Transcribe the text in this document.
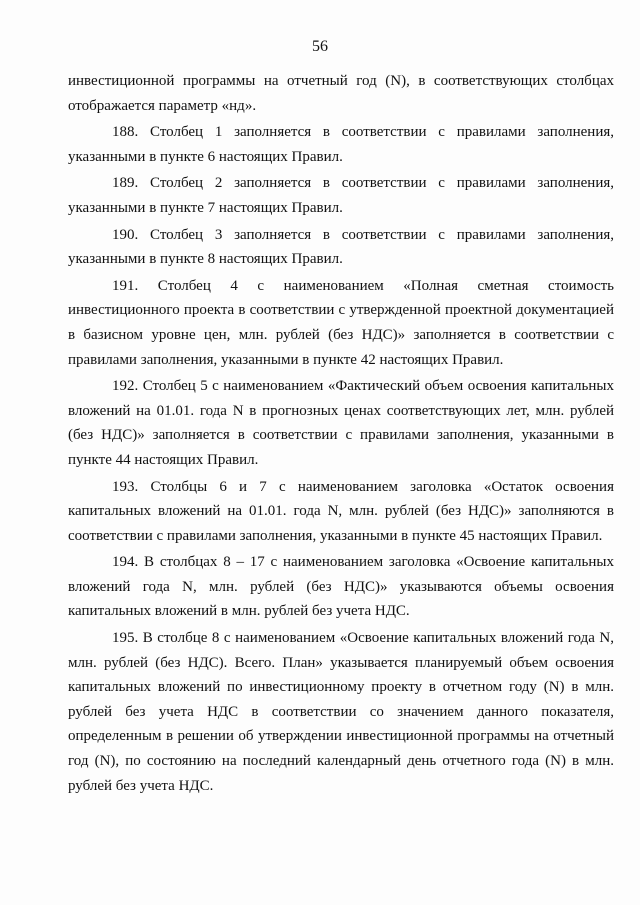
56

инвестиционной программы на отчетный год (N), в соответствующих столбцах отображается параметр «нд».

188. Столбец 1 заполняется в соответствии с правилами заполнения, указанными в пункте 6 настоящих Правил.

189. Столбец 2 заполняется в соответствии с правилами заполнения, указанными в пункте 7 настоящих Правил.

190. Столбец 3 заполняется в соответствии с правилами заполнения, указанными в пункте 8 настоящих Правил.

191. Столбец 4 с наименованием «Полная сметная стоимость инвестиционного проекта в соответствии с утвержденной проектной документацией в базисном уровне цен, млн. рублей (без НДС)» заполняется в соответствии с правилами заполнения, указанными в пункте 42 настоящих Правил.

192. Столбец 5 с наименованием «Фактический объем освоения капитальных вложений на 01.01. года N в прогнозных ценах соответствующих лет, млн. рублей (без НДС)» заполняется в соответствии с правилами заполнения, указанными в пункте 44 настоящих Правил.

193. Столбцы 6 и 7 с наименованием заголовка «Остаток освоения капитальных вложений на 01.01. года N, млн. рублей (без НДС)» заполняются в соответствии с правилами заполнения, указанными в пункте 45 настоящих Правил.

194. В столбцах 8 – 17 с наименованием заголовка «Освоение капитальных вложений года N, млн. рублей (без НДС)» указываются объемы освоения капитальных вложений в млн. рублей без учета НДС.

195. В столбце 8 с наименованием «Освоение капитальных вложений года N, млн. рублей (без НДС). Всего. План» указывается планируемый объем освоения капитальных вложений по инвестиционному проекту в отчетном году (N) в млн. рублей без учета НДС в соответствии со значением данного показателя, определенным в решении об утверждении инвестиционной программы на отчетный год (N), по состоянию на последний календарный день отчетного года (N) в млн. рублей без учета НДС.
